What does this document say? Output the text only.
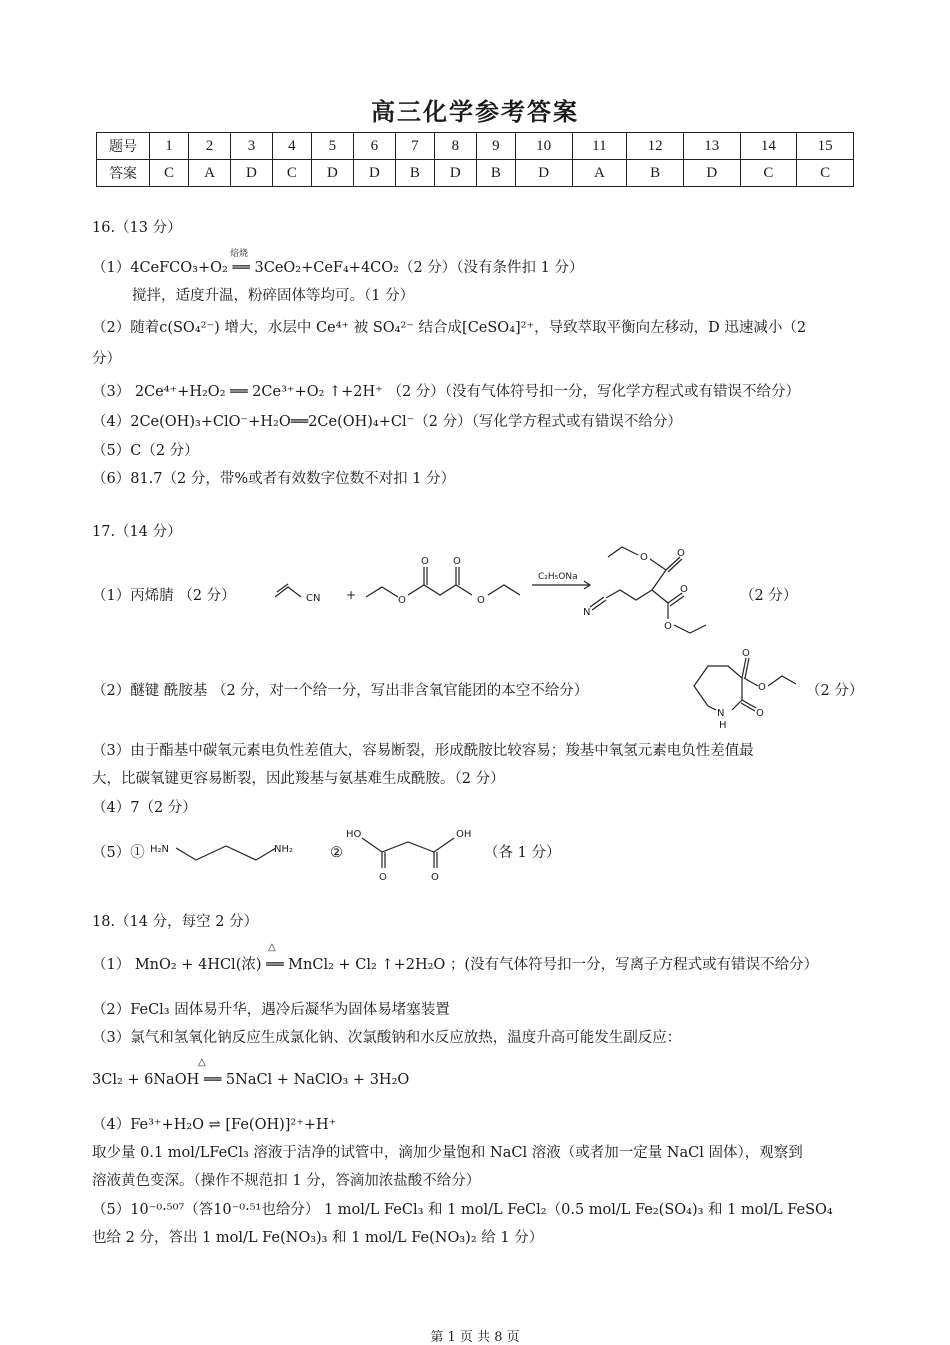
高三化学参考答案
题号	1	2	3	4	5	6	7	8	9	10	11	12	13	14	15
答案	C	A	D	C	D	D	B	D	B	D	A	B	D	C	C
16.（13 分）
（1）4CeFCO₃+O₂ ══ 3CeO₂+CeF₄+4CO₂（2 分）（没有条件扣 1 分）
焙烧
搅拌，适度升温，粉碎固体等均可。（1 分）
（2）随着c(SO₄²⁻) 增大，水层中 Ce⁴⁺ 被 SO₄²⁻ 结合成[CeSO₄]²⁺，导致萃取平衡向左移动，D 迅速减小（2
分）
（3） 2Ce⁴⁺+H₂O₂ ══ 2Ce³⁺+O₂ ↑+2H⁺ （2 分）（没有气体符号扣一分，写化学方程式或有错误不给分）
（4）2Ce(OH)₃+ClO⁻+H₂O══2Ce(OH)₄+Cl⁻（2 分）（写化学方程式或有错误不给分）
（5）C（2 分）
（6）81.7（2 分，带%或者有效数字位数不对扣 1 分）
17.（14 分）
（1）丙烯腈 （2 分）	CN +	O
O O
O
C₂H₅ONa
N
O
O
O
O
（2 分）
（2）醚键 酰胺基 （2 分，对一个给一分，写出非含氧官能团的本空不给分）
N
H
O
O
O	（2 分）
（3）由于酯基中碳氧元素电负性差值大，容易断裂，形成酰胺比较容易；羧基中氧氢元素电负性差值最
大，比碳氧键更容易断裂，因此羧基与氨基难生成酰胺。（2 分）
（4）7（2 分）
（5）① H₂N	NH₂
HO
O	O
OH
②	（各 1 分）
18.（14 分，每空 2 分）
（1） MnO₂ + 4HCl(浓) ══ MnCl₂ + Cl₂ ↑+2H₂O ；(没有气体符号扣一分，写离子方程式或有错误不给分）
△
（2）FeCl₃ 固体易升华，遇冷后凝华为固体易堵塞装置
（3）氯气和氢氧化钠反应生成氯化钠、次氯酸钠和水反应放热，温度升高可能发生副反应：
3Cl₂ + 6NaOH ══ 5NaCl + NaClO₃ + 3H₂O
△
（4）Fe³⁺+H₂O ⇌ [Fe(OH)]²⁺+H⁺
取少量 0.1 mol/LFeCl₃ 溶液于洁净的试管中，滴加少量饱和 NaCl 溶液（或者加一定量 NaCl 固体），观察到
溶液黄色变深。（操作不规范扣 1 分，答滴加浓盐酸不给分）
（5）10⁻⁰·⁵⁰⁷（答10⁻⁰·⁵¹也给分） 1 mol/L FeCl₃ 和 1 mol/L FeCl₂（0.5 mol/L Fe₂(SO₄)₃ 和 1 mol/L FeSO₄
也给 2 分，答出 1 mol/L Fe(NO₃)₃ 和 1 mol/L Fe(NO₃)₂ 给 1 分）
第 1 页 共 8 页
